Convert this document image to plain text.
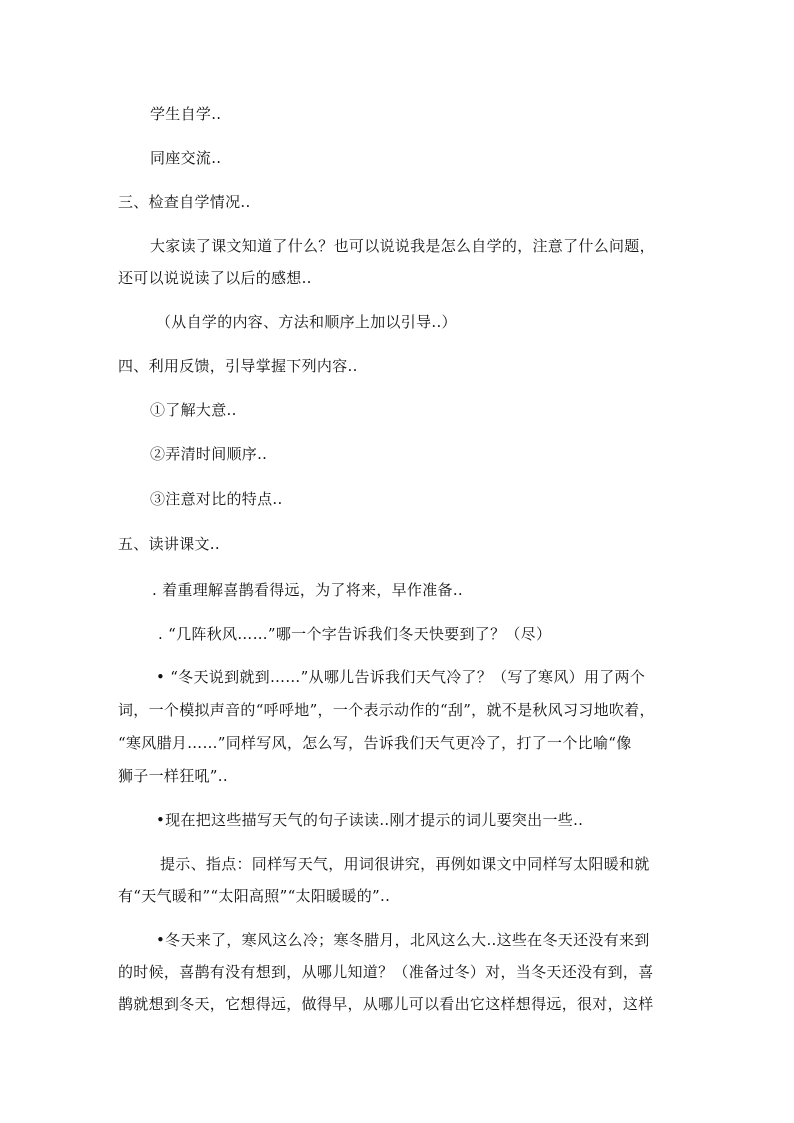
学生自学..
同座交流..
三、检查自学情况..
大家读了课文知道了什么？也可以说说我是怎么自学的，注意了什么问题，
还可以说说读了以后的感想..
（从自学的内容、方法和顺序上加以引导..）
四、利用反馈，引导掌握下列内容..
①了解大意..
②弄清时间顺序..
③注意对比的特点..
五、读讲课文..
. 着重理解喜鹊看得远，为了将来，早作准备..
. “几阵秋风……”哪一个字告诉我们冬天快要到了？（尽）
• “冬天说到就到……”从哪儿告诉我们天气冷了？（写了寒风）用了两个
词，一个模拟声音的“呼呼地”，一个表示动作的“刮”，就不是秋风习习地吹着，
“寒风腊月……”同样写风，怎么写，告诉我们天气更冷了，打了一个比喻“像
狮子一样狂吼”..
•现在把这些描写天气的句子读读..刚才提示的词儿要突出一些..
提示、指点：同样写天气，用词很讲究，再例如课文中同样写太阳暖和就
有“天气暖和”“太阳高照”“太阳暖暖的”..
•冬天来了，寒风这么冷；寒冬腊月，北风这么大..这些在冬天还没有来到
的时候，喜鹊有没有想到，从哪儿知道？（准备过冬）对，当冬天还没有到，喜
鹊就想到冬天，它想得远，做得早，从哪儿可以看出它这样想得远，很对，这样
